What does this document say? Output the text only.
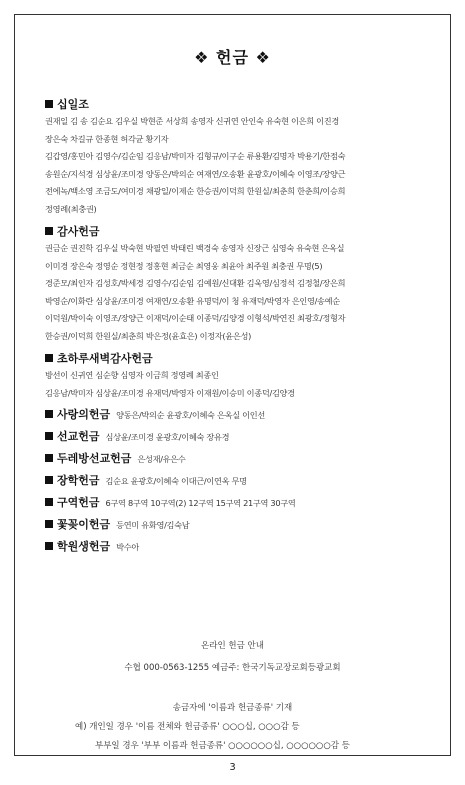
❖ 헌금 ❖
십일조
권재일 김 송 김순요 김우실 박현준 서상희 송영자 신귀연 안인숙 유숙현 이은희 이진경
장은숙 차길규 한종현 허각균 황기자
김갑영/홍민아 김영수/김순임 김응남/박미자 김형규/이구순 류용환/김명자 박용기/한점숙
송원순/지석경 심상윤/조미경 양동은/박의순 여재연/오송환 윤광호/이혜숙 이영조/장양근
전에녹/백소영 조금도/여미경 채광일/이제순 한승권/이덕희 한원실/최춘희 한춘희/이승희
정영례(최충권)
감사헌금
권금순 권진학 김우실 박숙현 박필연 박태린 백경숙 송영자 신장근 심영숙 유숙현 은옥실
이미경 장은숙 정영순 정현정 정홍현 최금순 최영웅 최윤아 최주원 최충권 무명(5)
경준모/최인자 김성호/박세경 김영수/김순임 김예원/신대환 김욱영/심정석 김정철/장은희
박영순/이화란 심상윤/조미경 여재연/오송환 유명덕/이 청 유재덕/박영자 은인영/송예순
이덕원/박이숙 이영조/장양근 이재덕/이순태 이종덕/김양경 이형석/박연진 최광호/정형자
한승권/이덕희 한원실/최춘희 박은정(윤효은) 이정자(윤은성)
초하루새벽감사헌금
방선이 신귀연 심순향 심영자 이금희 정영례 최종인
김응남/박미자 심상윤/조미경 유재덕/박영자 이재원/이승미 이종덕/김양경
사랑의헌금 양동은/박의순 윤광호/이혜숙 은옥실 이인선
선교헌금 심상윤/조미경 윤광호/이혜숙 장유경
두레방선교헌금 은성재/유은수
장학헌금 김순요 윤광호/이혜숙 이대근/이연옥 무명
구역헌금 6구역 8구역 10구역(2) 12구역 15구역 21구역 30구역
꽃꽂이헌금 등연미 유화영/김숙남
학원생헌금 박수아
온라인 헌금 안내
수협 000-0563-1255 예금주: 한국기독교장로회등광교회
송금자에 '이름과 헌금종류' 기재
예) 개인일 경우 '이름 전체와 헌금종류' ○○○십, ○○○감 등
부부일 경우 '부부 이름과 헌금종류' ○○○○○○십, ○○○○○○감 등
3
